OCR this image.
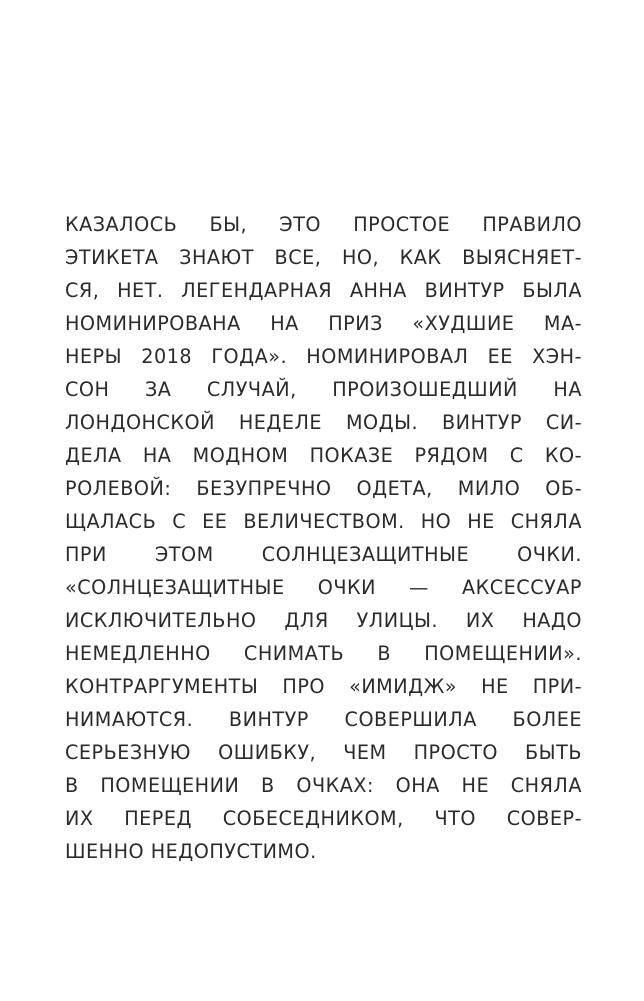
КАЗАЛОСЬ БЫ, ЭТО ПРОСТОЕ ПРАВИЛО
ЭТИКЕТА ЗНАЮТ ВСЕ, НО, КАК ВЫЯСНЯЕТ-
СЯ, НЕТ. ЛЕГЕНДАРНАЯ АННА ВИНТУР БЫЛА
НОМИНИРОВАНА НА ПРИЗ «ХУДШИЕ МА-
НЕРЫ 2018 ГОДА». НОМИНИРОВАЛ ЕЕ ХЭН-
СОН ЗА СЛУЧАЙ, ПРОИЗОШЕДШИЙ НА
ЛОНДОНСКОЙ НЕДЕЛЕ МОДЫ. ВИНТУР СИ-
ДЕЛА НА МОДНОМ ПОКАЗЕ РЯДОМ С КО-
РОЛЕВОЙ: БЕЗУПРЕЧНО ОДЕТА, МИЛО ОБ-
ЩАЛАСЬ С ЕЕ ВЕЛИЧЕСТВОМ. НО НЕ СНЯЛА
ПРИ ЭТОМ СОЛНЦЕЗАЩИТНЫЕ ОЧКИ.
«СОЛНЦЕЗАЩИТНЫЕ ОЧКИ — АКСЕССУАР
ИСКЛЮЧИТЕЛЬНО ДЛЯ УЛИЦЫ. ИХ НАДО
НЕМЕДЛЕННО СНИМАТЬ В ПОМЕЩЕНИИ».
КОНТРАРГУМЕНТЫ ПРО «ИМИДЖ» НЕ ПРИ-
НИМАЮТСЯ. ВИНТУР СОВЕРШИЛА БОЛЕЕ
СЕРЬЕЗНУЮ ОШИБКУ, ЧЕМ ПРОСТО БЫТЬ
В ПОМЕЩЕНИИ В ОЧКАХ: ОНА НЕ СНЯЛА
ИХ ПЕРЕД СОБЕСЕДНИКОМ, ЧТО СОВЕР-
ШЕННО НЕДОПУСТИМО.
